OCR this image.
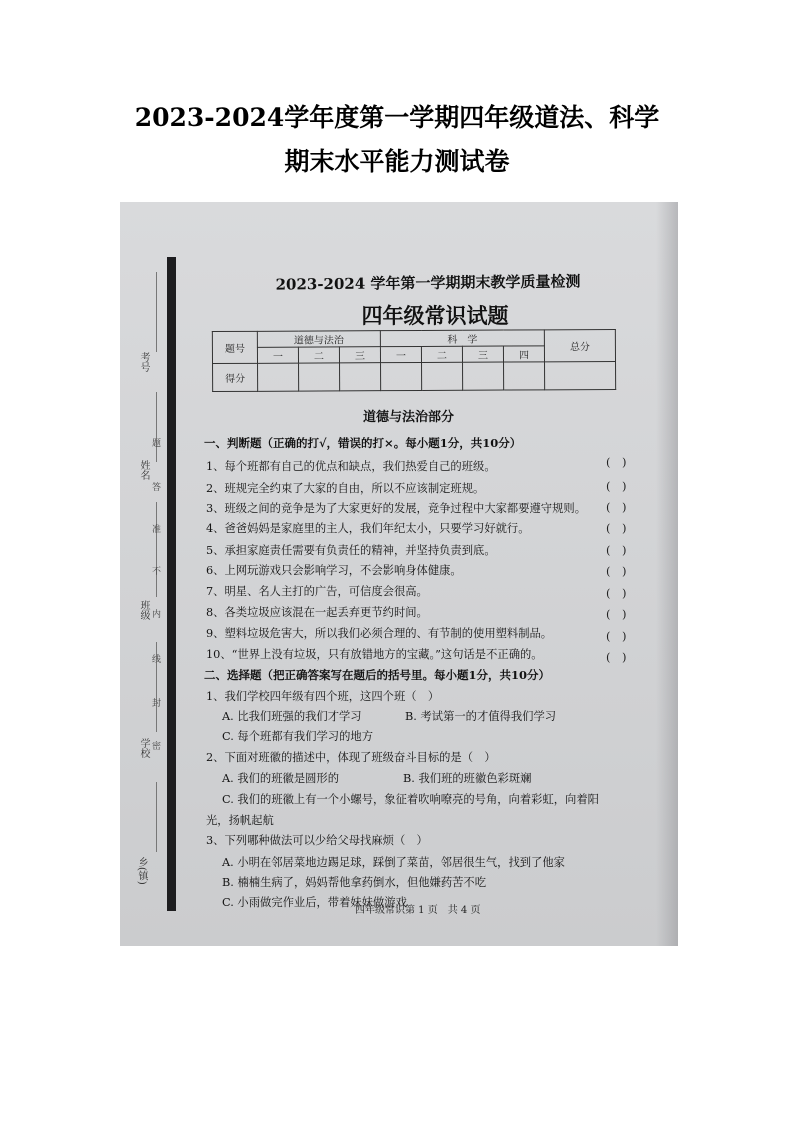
2023-2024学年度第一学期四年级道法、科学
期末水平能力测试卷
考号
姓名
班级
学校
乡(镇)
题
答
准
不
内
线
封
密
2023-2024 学年第一学期期末教学质量检测
四年级常识试题
题号	道德与法治			科　学				总分
	一	二	三	一	二	三	四	
得分								
道德与法治部分
一、判断题（正确的打√，错误的打×。每小题1分，共10分）
1、每个班都有自己的优点和缺点，我们热爱自己的班级。	(　)
2、班规完全约束了大家的自由，所以不应该制定班规。	(　)
3、班级之间的竞争是为了大家更好的发展，竞争过程中大家都要遵守规则。 (　)
4、爸爸妈妈是家庭里的主人，我们年纪太小，只要学习好就行。	(　)
5、承担家庭责任需要有负责任的精神，并坚持负责到底。	(　)
6、上网玩游戏只会影响学习，不会影响身体健康。	(　)
7、明星、名人主打的广告，可信度会很高。	(　)
8、各类垃圾应该混在一起丢弃更节约时间。	(　)
9、塑料垃圾危害大，所以我们必须合理的、有节制的使用塑料制品。	(　)
10、“世界上没有垃圾，只有放错地方的宝藏。”这句话是不正确的。	(　)
二、选择题（把正确答案写在题后的括号里。每小题1分，共10分）
1、我们学校四年级有四个班，这四个班（　）
A. 比我们班强的我们才学习	B. 考试第一的才值得我们学习
C. 每个班都有我们学习的地方
2、下面对班徽的描述中，体现了班级奋斗目标的是（　）
A. 我们的班徽是圆形的	B. 我们班的班徽色彩斑斓
C. 我们的班徽上有一个小螺号，象征着吹响嘹亮的号角，向着彩虹，向着阳
光，扬帆起航
3、下列哪种做法可以少给父母找麻烦（　）
A. 小明在邻居菜地边踢足球，踩倒了菜苗，邻居很生气，找到了他家
B. 楠楠生病了，妈妈帮他拿药倒水，但他嫌药苦不吃
C. 小雨做完作业后，带着妹妹做游戏
四年级常识第 1 页　共 4 页
